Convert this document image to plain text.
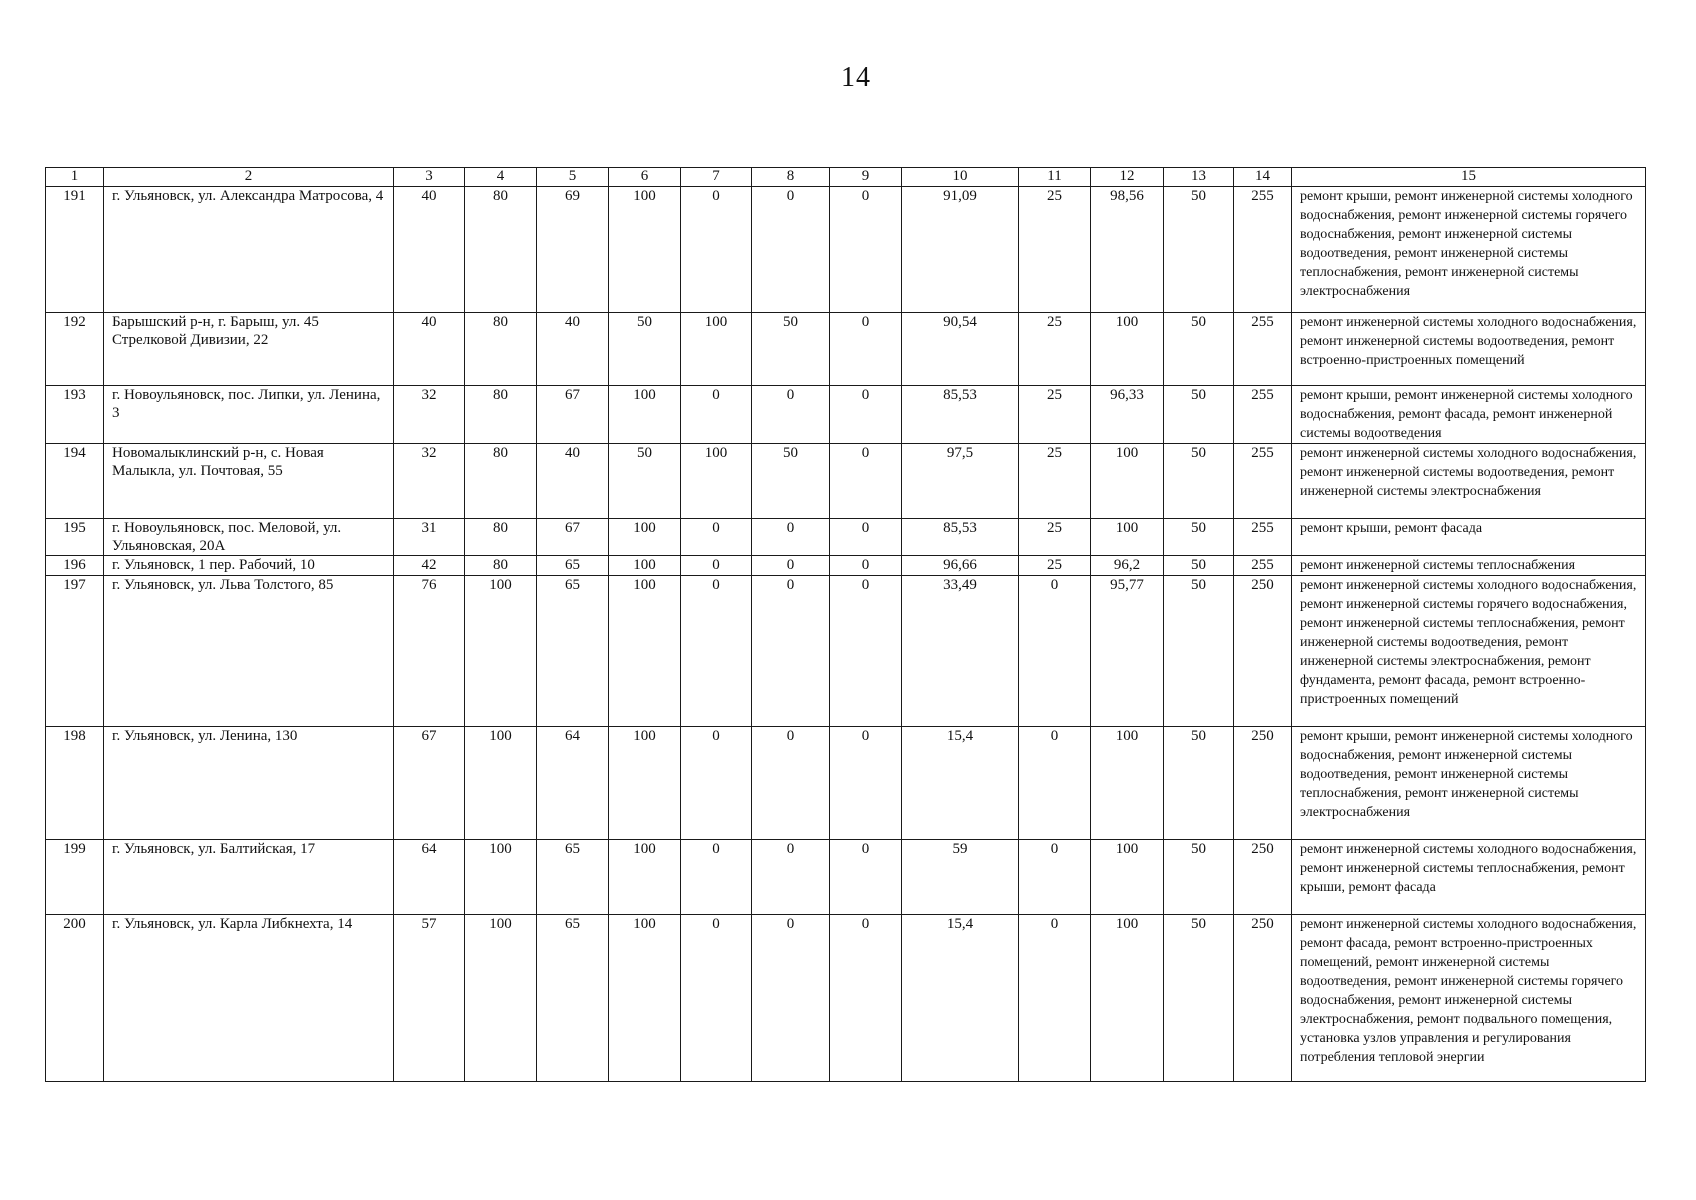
14
1	2	3	4	5	6	7	8	9	10	11	12	13	14	15
191	г. Ульяновск, ул. Александра Матросова, 4	40	80	69	100	0	0	0	91,09	25	98,56	50	255	ремонт крыши, ремонт инженерной системы холодного водоснабжения, ремонт инженерной системы горячего водоснабжения, ремонт инженерной системы водоотведения, ремонт инженерной системы теплоснабжения, ремонт инженерной системы электроснабжения
192	Барышский р-н, г. Барыш, ул. 45 Стрелковой Дивизии, 22	40	80	40	50	100	50	0	90,54	25	100	50	255	ремонт инженерной системы холодного водоснабжения, ремонт инженерной системы водоотведения, ремонт встроенно-пристроенных помещений
193	г. Новоульяновск, пос. Липки, ул. Ленина, 3	32	80	67	100	0	0	0	85,53	25	96,33	50	255	ремонт крыши, ремонт инженерной системы холодного водоснабжения, ремонт фасада, ремонт инженерной системы водоотведения
194	Новомалыклинский р-н, с. Новая Малыкла, ул. Почтовая, 55	32	80	40	50	100	50	0	97,5	25	100	50	255	ремонт инженерной системы холодного водоснабжения, ремонт инженерной системы водоотведения, ремонт инженерной системы электроснабжения
195	г. Новоульяновск, пос. Меловой, ул. Ульяновская, 20А	31	80	67	100	0	0	0	85,53	25	100	50	255	ремонт крыши, ремонт фасада
196	г. Ульяновск, 1 пер. Рабочий, 10	42	80	65	100	0	0	0	96,66	25	96,2	50	255	ремонт инженерной системы теплоснабжения
197	г. Ульяновск, ул. Льва Толстого, 85	76	100	65	100	0	0	0	33,49	0	95,77	50	250	ремонт инженерной системы холодного водоснабжения, ремонт инженерной системы горячего водоснабжения, ремонт инженерной системы теплоснабжения, ремонт инженерной системы водоотведения, ремонт инженерной системы электроснабжения, ремонт фундамента, ремонт фасада, ремонт встроенно-пристроенных помещений
198	г. Ульяновск, ул. Ленина, 130	67	100	64	100	0	0	0	15,4	0	100	50	250	ремонт крыши, ремонт инженерной системы холодного водоснабжения, ремонт инженерной системы водоотведения, ремонт инженерной системы теплоснабжения, ремонт инженерной системы электроснабжения
199	г. Ульяновск, ул. Балтийская, 17	64	100	65	100	0	0	0	59	0	100	50	250	ремонт инженерной системы холодного водоснабжения, ремонт инженерной системы теплоснабжения, ремонт крыши, ремонт фасада
200	г. Ульяновск, ул. Карла Либкнехта, 14	57	100	65	100	0	0	0	15,4	0	100	50	250	ремонт инженерной системы холодного водоснабжения, ремонт фасада, ремонт встроенно-пристроенных помещений, ремонт инженерной системы водоотведения, ремонт инженерной системы горячего водоснабжения, ремонт инженерной системы электроснабжения, ремонт подвального помещения, установка узлов управления и регулирования потребления тепловой энергии
